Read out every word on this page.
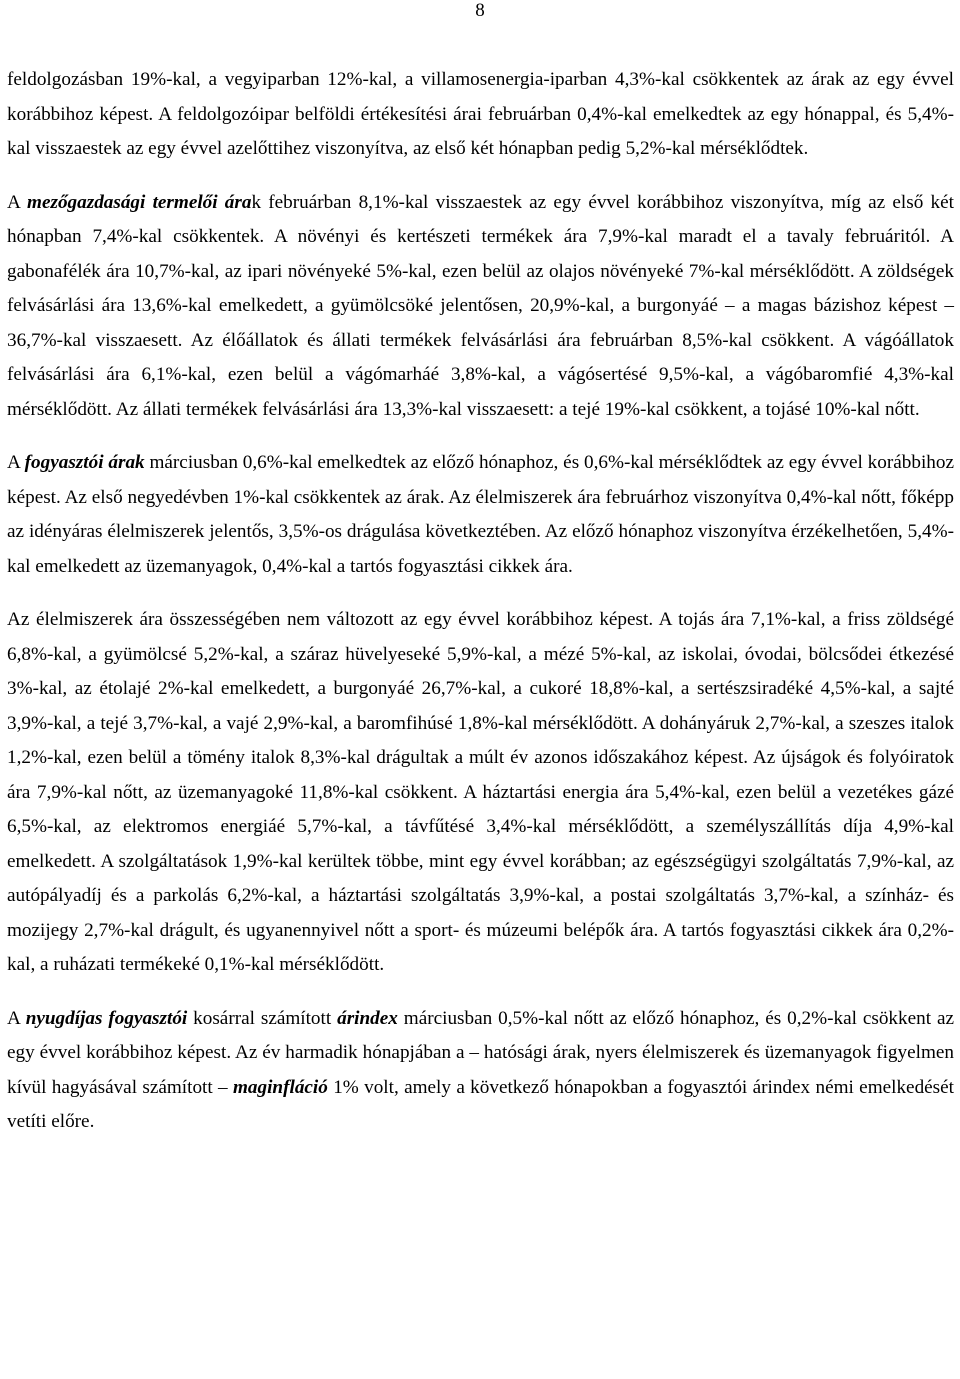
8

feldolgozásban 19%-kal, a vegyiparban 12%-kal, a villamosenergia-iparban 4,3%-kal csökkentek az árak az egy évvel korábbihoz képest. A feldolgozóipar belföldi értékesítési árai februárban 0,4%-kal emelkedtek az egy hónappal, és 5,4%-kal visszaestek az egy évvel azelőttihez viszonyítva, az első két hónapban pedig 5,2%-kal mérséklődtek.

A mezőgazdasági termelői árak februárban 8,1%-kal visszaestek az egy évvel korábbihoz viszonyítva, míg az első két hónapban 7,4%-kal csökkentek. A növényi és kertészeti termékek ára 7,9%-kal maradt el a tavaly februáritól. A gabonafélék ára 10,7%-kal, az ipari növényeké 5%-kal, ezen belül az olajos növényeké 7%-kal mérséklődött. A zöldségek felvásárlási ára 13,6%-kal emelkedett, a gyümölcsöké jelentősen, 20,9%-kal, a burgonyáé – a magas bázishoz képest – 36,7%-kal visszaesett. Az élőállatok és állati termékek felvásárlási ára februárban 8,5%-kal csökkent. A vágóállatok felvásárlási ára 6,1%-kal, ezen belül a vágómarháé 3,8%-kal, a vágósertésé 9,5%-kal, a vágóbaromfié 4,3%-kal mérséklődött. Az állati termékek felvásárlási ára 13,3%-kal visszaesett: a tejé 19%-kal csökkent, a tojásé 10%-kal nőtt.

A fogyasztói árak márciusban 0,6%-kal emelkedtek az előző hónaphoz, és 0,6%-kal mérséklődtek az egy évvel korábbihoz képest. Az első negyedévben 1%-kal csökkentek az árak. Az élelmiszerek ára februárhoz viszonyítva 0,4%-kal nőtt, főképp az idényáras élelmiszerek jelentős, 3,5%-os drágulása következtében. Az előző hónaphoz viszonyítva érzékelhetően, 5,4%-kal emelkedett az üzemanyagok, 0,4%-kal a tartós fogyasztási cikkek ára.

Az élelmiszerek ára összességében nem változott az egy évvel korábbihoz képest. A tojás ára 7,1%-kal, a friss zöldségé 6,8%-kal, a gyümölcsé 5,2%-kal, a száraz hüvelyeseké 5,9%-kal, a mézé 5%-kal, az iskolai, óvodai, bölcsődei étkezésé 3%-kal, az étolajé 2%-kal emelkedett, a burgonyáé 26,7%-kal, a cukoré 18,8%-kal, a sertészsiradéké 4,5%-kal, a sajté 3,9%-kal, a tejé 3,7%-kal, a vajé 2,9%-kal, a baromfihúsé 1,8%-kal mérséklődött. A dohányáruk 2,7%-kal, a szeszes italok 1,2%-kal, ezen belül a tömény italok 8,3%-kal drágultak a múlt év azonos időszakához képest. Az újságok és folyóiratok ára 7,9%-kal nőtt, az üzemanyagoké 11,8%-kal csökkent. A háztartási energia ára 5,4%-kal, ezen belül a vezetékes gázé 6,5%-kal, az elektromos energiáé 5,7%-kal, a távfűtésé 3,4%-kal mérséklődött, a személyszállítás díja 4,9%-kal emelkedett. A szolgáltatások 1,9%-kal kerültek többe, mint egy évvel korábban; az egészségügyi szolgáltatás 7,9%-kal, az autópályadíj és a parkolás 6,2%-kal, a háztartási szolgáltatás 3,9%-kal, a postai szolgáltatás 3,7%-kal, a színház- és mozijegy 2,7%-kal drágult, és ugyanennyivel nőtt a sport- és múzeumi belépők ára. A tartós fogyasztási cikkek ára 0,2%-kal, a ruházati termékeké 0,1%-kal mérséklődött.

A nyugdíjas fogyasztói kosárral számított árindex márciusban 0,5%-kal nőtt az előző hónaphoz, és 0,2%-kal csökkent az egy évvel korábbihoz képest. Az év harmadik hónapjában a – hatósági árak, nyers élelmiszerek és üzemanyagok figyelmen kívül hagyásával számított – maginfláció 1% volt, amely a következő hónapokban a fogyasztói árindex némi emelkedését vetíti előre.
